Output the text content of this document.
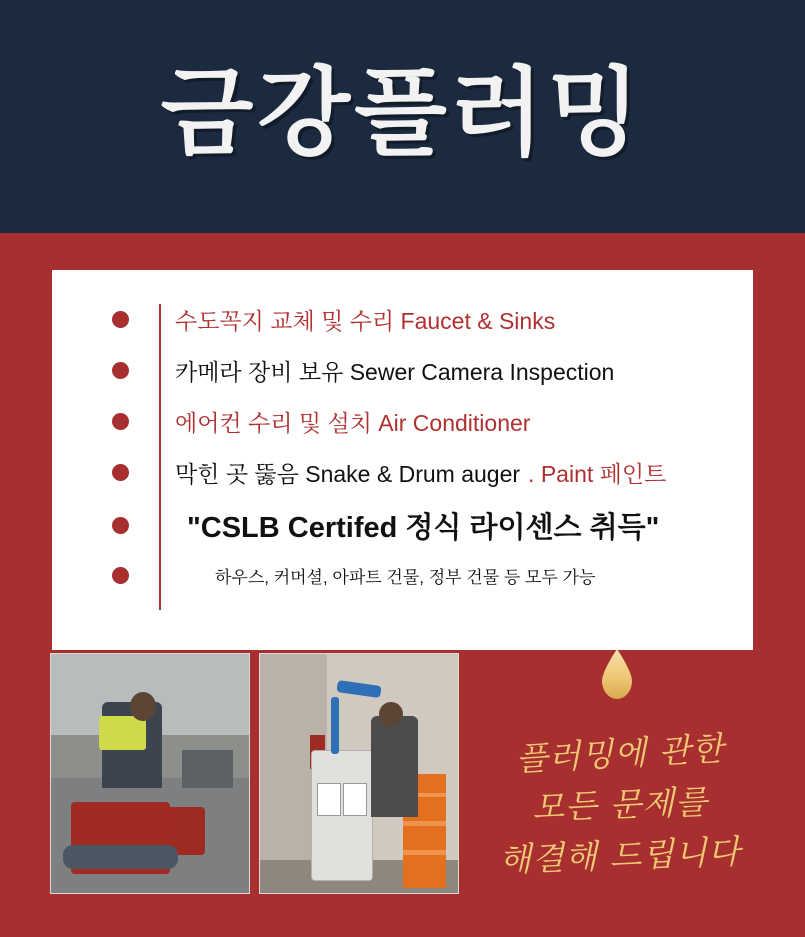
금강플러밍
수도꼭지 교체 및 수리 Faucet & Sinks
카메라 장비 보유 Sewer Camera Inspection
에어컨 수리 및 설치 Air Conditioner
막힌 곳 뚫음 Snake & Drum auger . Paint 페인트
"CSLB Certifed 정식 라이센스 취득"
하우스, 커머셜, 아파트 건물, 정부 건물 등 모두 가능
플러밍에 관한
모든 문제를
해결해 드립니다
